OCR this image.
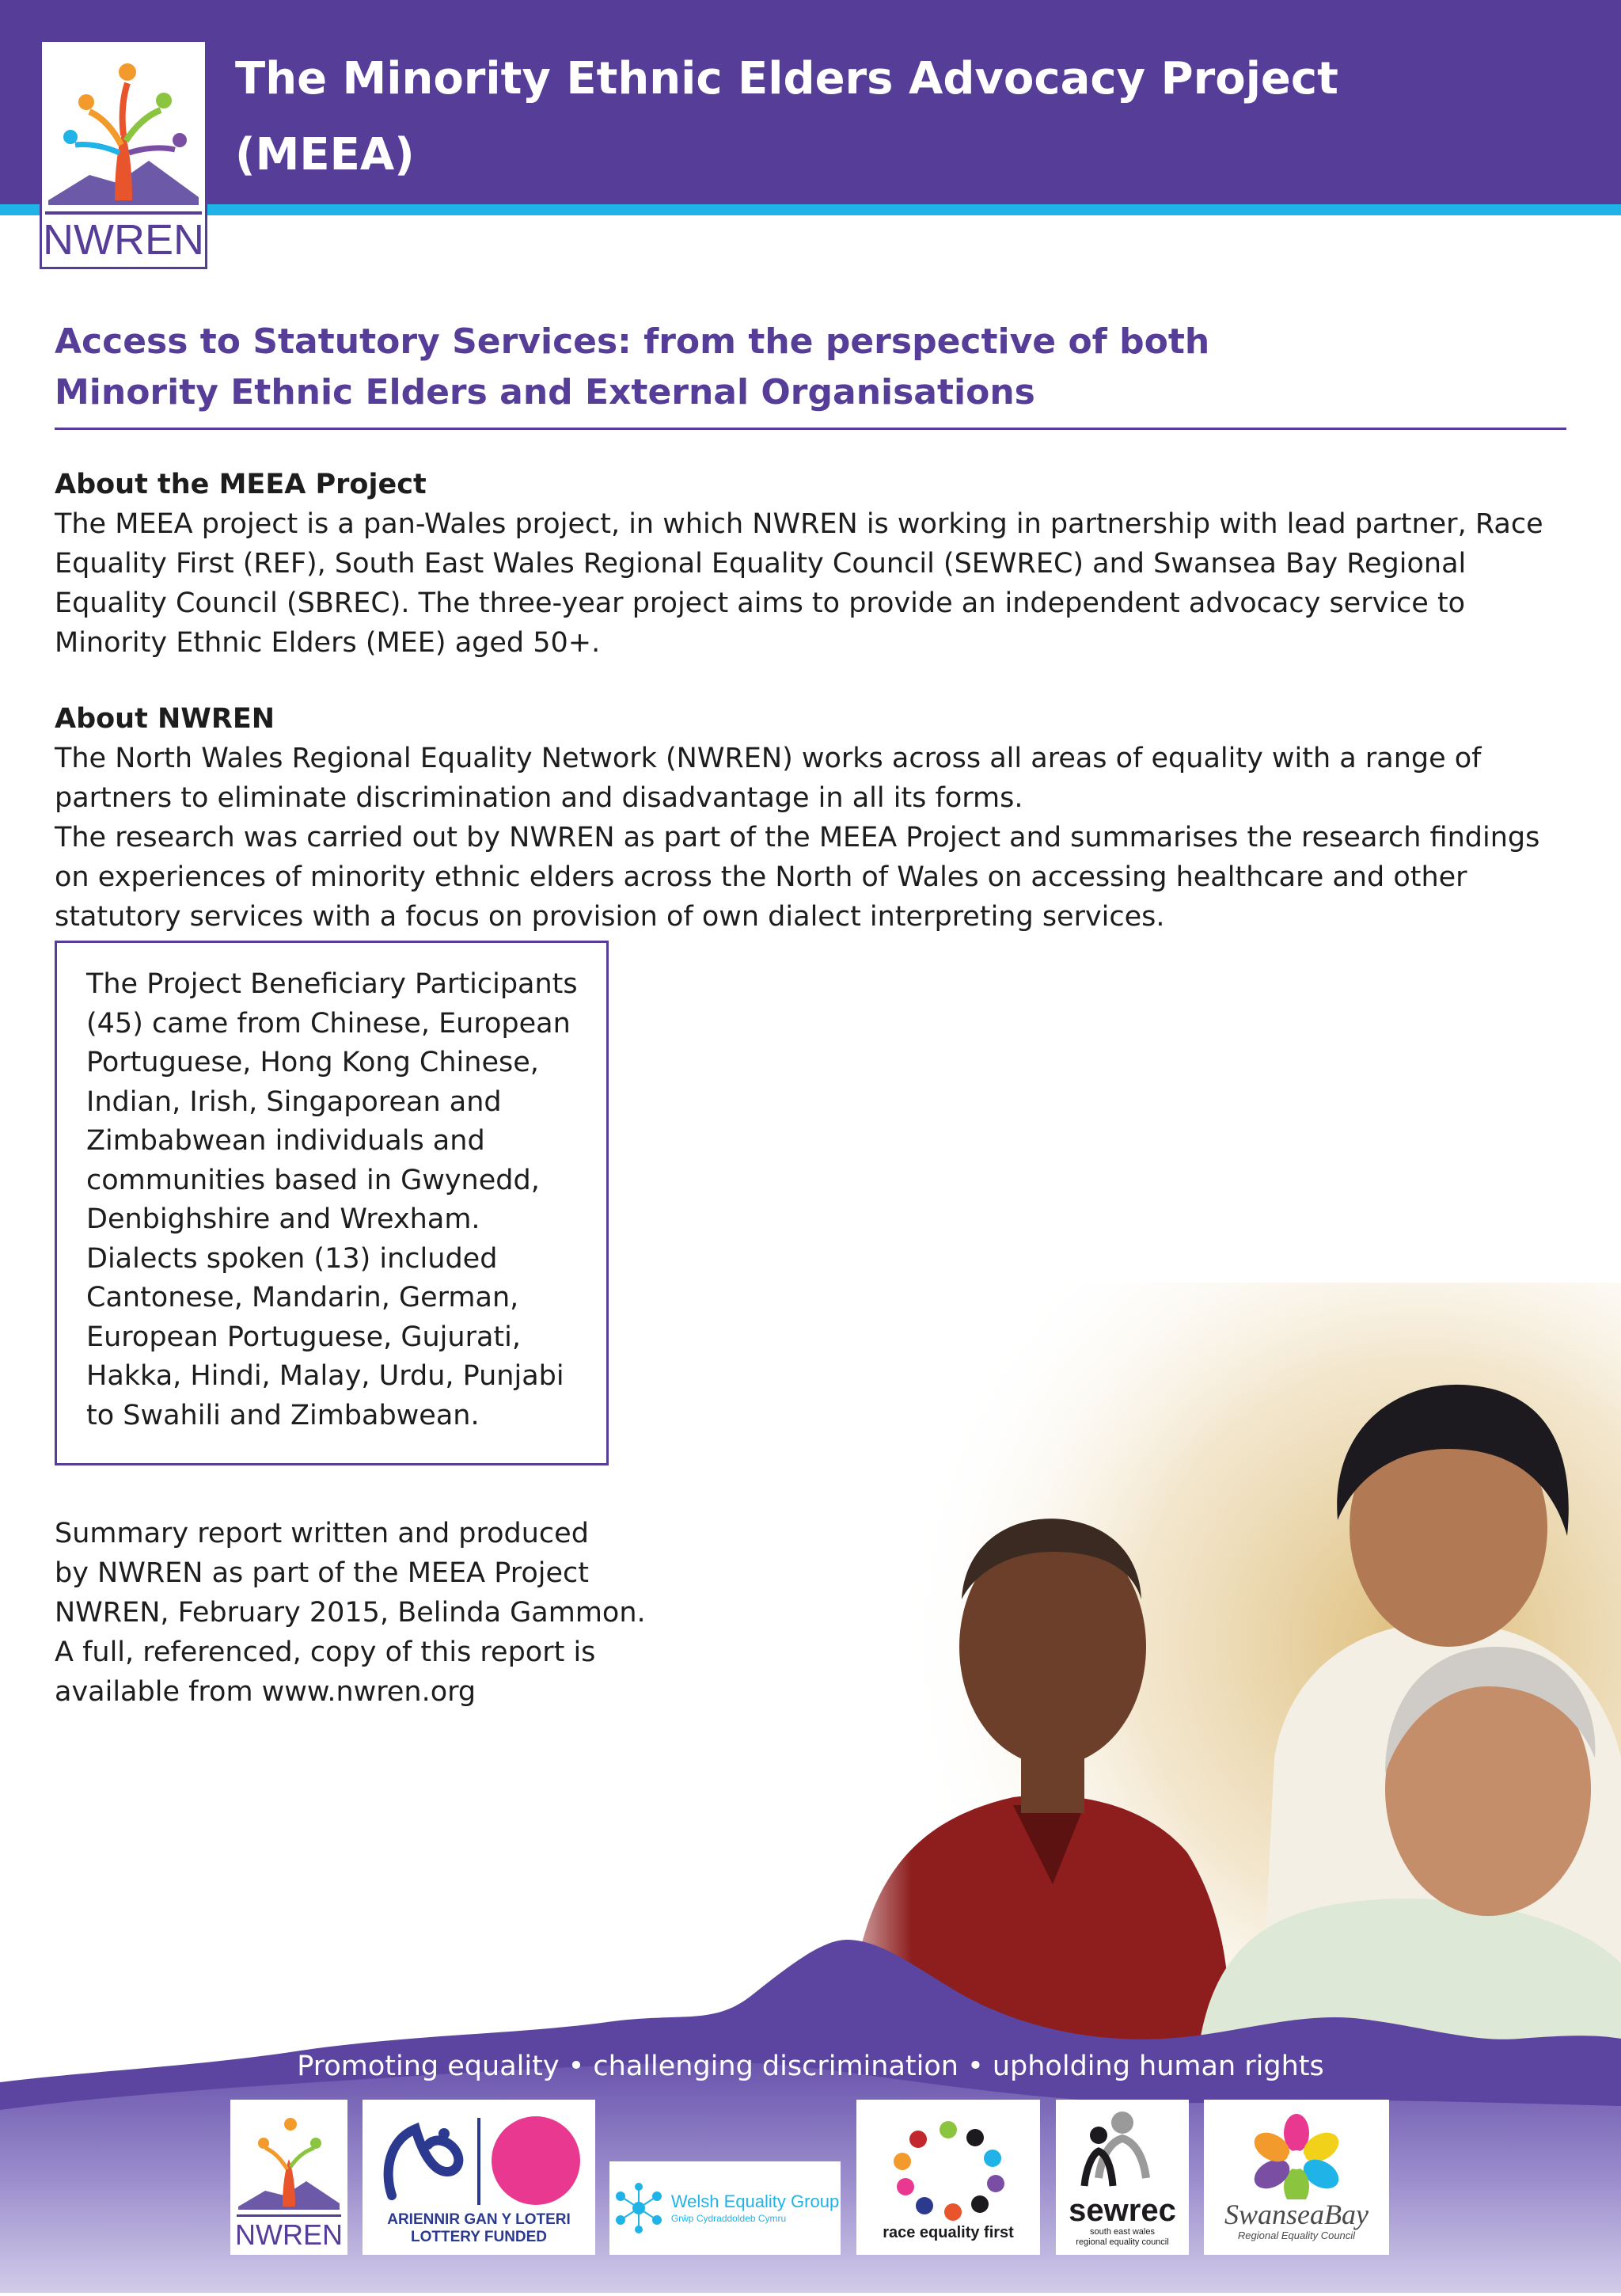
NWREN
The Minority Ethnic Elders Advocacy Project
(MEEA)
Access to Statutory Services: from the perspective of both
Minority Ethnic Elders and External Organisations
About the MEEA Project
The MEEA project is a pan-Wales project, in which NWREN is working in partnership with lead partner, Race Equality First (REF), South East Wales Regional Equality Council (SEWREC) and Swansea Bay Regional Equality Council (SBREC). The three-year project aims to provide an independent advocacy service to Minority Ethnic Elders (MEE) aged 50+.
About NWREN
The North Wales Regional Equality Network (NWREN) works across all areas of equality with a range of partners to eliminate discrimination and disadvantage in all its forms.
The research was carried out by NWREN as part of the MEEA Project and summarises the research findings on experiences of minority ethnic elders across the North of Wales on accessing healthcare and other statutory services with a focus on provision of own dialect interpreting services.
The Project Beneficiary Participants (45) came from Chinese, European Portuguese, Hong Kong Chinese, Indian, Irish, Singaporean and Zimbabwean individuals and communities based in Gwynedd, Denbighshire and Wrexham. Dialects spoken (13) included Cantonese, Mandarin, German, European Portuguese, Gujurati, Hakka, Hindi, Malay, Urdu, Punjabi to Swahili and Zimbabwean.
Summary report written and produced
by NWREN as part of the MEEA Project
NWREN, February 2015, Belinda Gammon.
A full, referenced, copy of this report is
available from www.nwren.org
Promoting equality • challenging discrimination • upholding human rights
NWREN	ARIENNIR GAN Y LOTERI
LOTTERY FUNDED
Welsh Equality Group
Grŵp Cydraddoldeb Cymru
race equality first
sewrec
south east wales
regional equality council
SwanseaBay
Regional Equality Council
